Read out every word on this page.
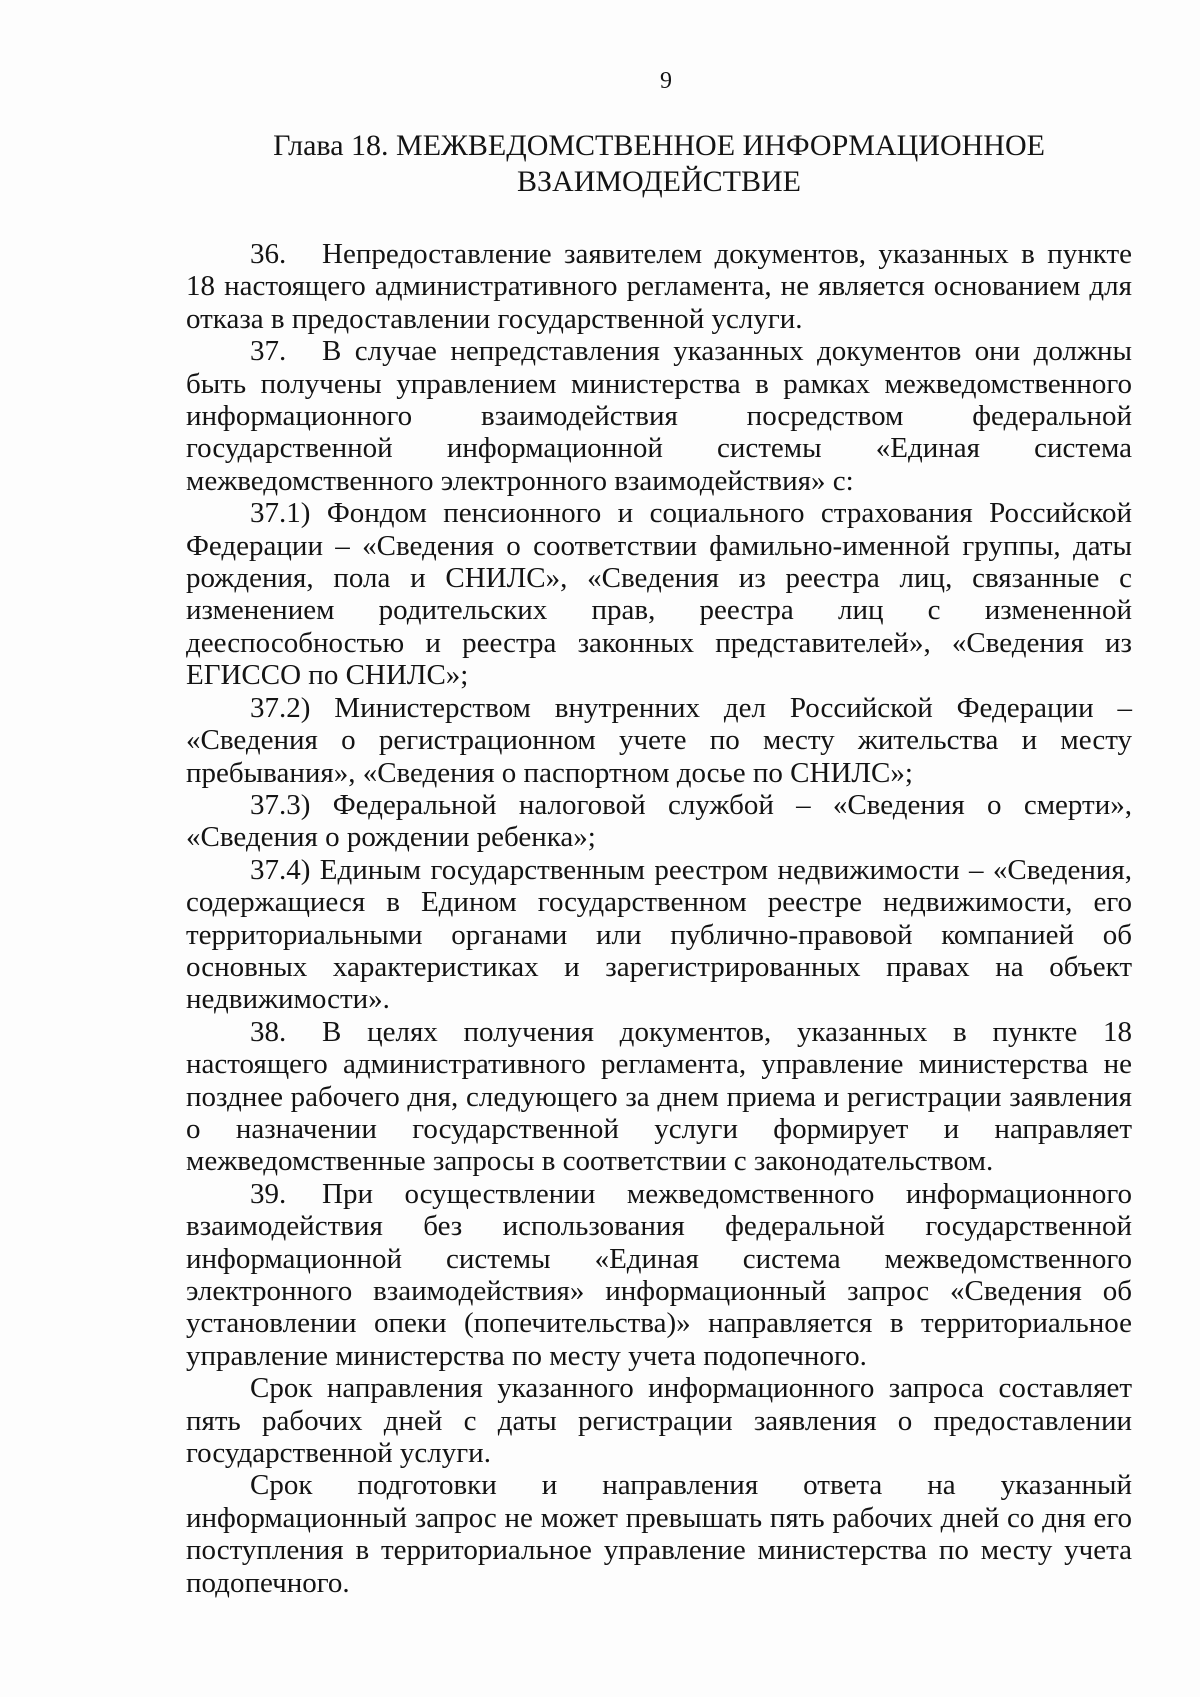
9
Глава 18. МЕЖВЕДОМСТВЕННОЕ ИНФОРМАЦИОННОЕ
ВЗАИМОДЕЙСТВИЕ

36. Непредоставление заявителем документов, указанных в пункте 18 настоящего административного регламента, не является основанием для отказа в предоставлении государственной услуги.

37. В случае непредставления указанных документов они должны быть получены управлением министерства в рамках межведомственного информационного взаимодействия посредством федеральной государственной информационной системы «Единая система межведомственного электронного взаимодействия» с:

37.1) Фондом пенсионного и социального страхования Российской Федерации – «Сведения о соответствии фамильно-именной группы, даты рождения, пола и СНИЛС», «Сведения из реестра лиц, связанные с изменением родительских прав, реестра лиц с измененной дееспособностью и реестра законных представителей», «Сведения из ЕГИССО по СНИЛС»;

37.2) Министерством внутренних дел Российской Федерации – «Сведения о регистрационном учете по месту жительства и месту пребывания», «Сведения о паспортном досье по СНИЛС»;

37.3) Федеральной налоговой службой – «Сведения о смерти», «Сведения о рождении ребенка»;

37.4) Единым государственным реестром недвижимости – «Сведения, содержащиеся в Едином государственном реестре недвижимости, его территориальными органами или публично-правовой компанией об основных характеристиках и зарегистрированных правах на объект недвижимости».

38. В целях получения документов, указанных в пункте 18 настоящего административного регламента, управление министерства не позднее рабочего дня, следующего за днем приема и регистрации заявления о назначении государственной услуги формирует и направляет межведомственные запросы в соответствии с законодательством.

39. При осуществлении межведомственного информационного взаимодействия без использования федеральной государственной информационной системы «Единая система межведомственного электронного взаимодействия» информационный запрос «Сведения об установлении опеки (попечительства)» направляется в территориальное управление министерства по месту учета подопечного.

Срок направления указанного информационного запроса составляет пять рабочих дней с даты регистрации заявления о предоставлении государственной услуги.

Срок подготовки и направления ответа на указанный информационный запрос не может превышать пять рабочих дней со дня его поступления в территориальное управление министерства по месту учета подопечного.
